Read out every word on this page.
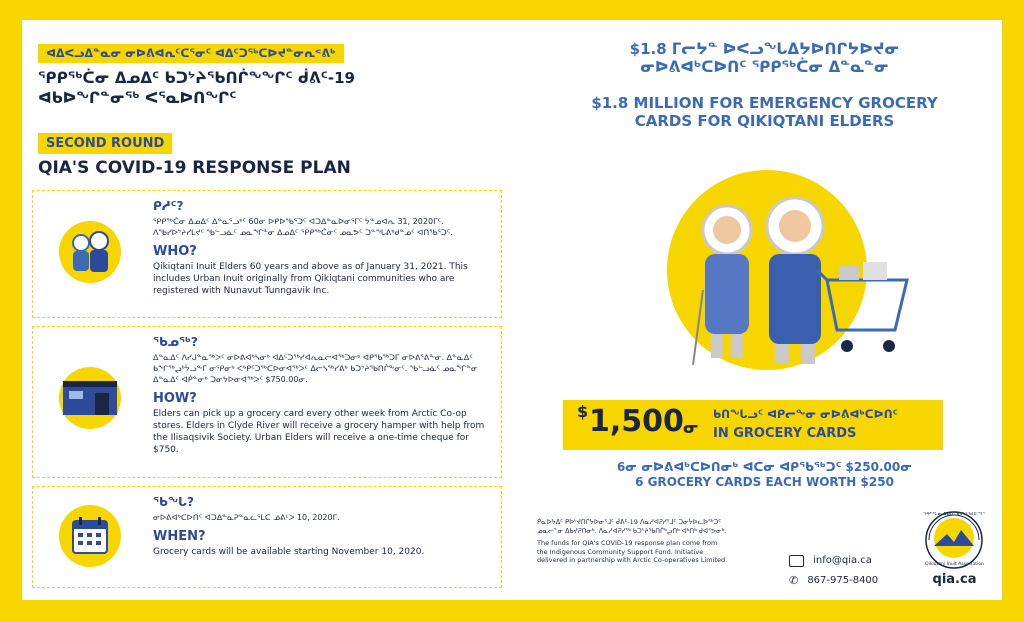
ᐊᐃᐸᓗᐃᓐᓇᓂ ᓂᐅᕕᐊᕆᑦᑕᕐᓂᑦ ᐊᐃᑦᑐᖅᑕᐅᔪᓐᓂᕆᕝᕕᒃ
ᕿᑭᖅᑖᓂ ᐃᓄᐃᑦ ᑲᑐᔾᔨᖃᑎᒌᖕᖏᑦ ᑰᕕᑦ-19
ᐊᑲᐅᖏᓐᓂᖅ ᐸᕐᓇᐅᑎᖏᑦ
SECOND ROUND
QIA'S COVID-19 RESPONSE PLAN

ᑭᓱᑦ?

ᕿᑭᖅᑖᓂ ᐃᓄᐃᑦ ᐃᓐᓇᕐᓗᒃᑦ 60ᓂ ᐅᑭᐅᖃᕐᑐᑦ ᐊᑐᐃᓐᓇᐅᓂᕐᒥᑦ ᔭᓐᓄᐊᕆ 31, 2020ᒥᑦ. ᐱᖃᓯᐅᔾᔨᓯᒪᔪᑦ ᖃᓪᓗᓈᑦ ᓄᓇᖏᓐᓂ ᐃᓄᐃᑦ ᕿᑭᖅᑖᓂᑦ ᓄᓇᕗᑦ ᑐᓐᖓᕕᒃᑯᓐᓄᑦ ᐊᑎᖃᕐᑐᑦ.

WHO?

Qikiqtani Inuit Elders 60 years and above as of January 31, 2021. This includes Urban Inuit originally from Qikiqtani communities who are registered with Nunavut Tunngavik Inc.

ᖃᓄᖅ?

ᐃᓐᓇᐃᑦ ᐱᓯᒍᓐᓇᖅᐳᑦ ᓂᐅᕕᐊᒃᓴᓂᒃ ᐊᐃᑦᑐᖅᓯᐊᕆᓇᓕᐊᖅᑐᓂᒃ ᐊᑭᖃᖅᑐᒥ ᓂᐅᕕᕐᕕᖕᓂ. ᐃᓐᓇᐃᑦ ᑲᖏᖅᖢᒃᔮᓗᖕᒥ ᓂᕿᓂᒃ ᐸᒃᑭᑦᑐᖅᑕᐅᓂᐊᖅᐳᑦ ᐃᓕᓴᖅᓯᕕᒃ ᑲᑐᔾᔨᖃᑎᒌᖕᓂᑦ. ᖃᓪᓗᓈᑦ ᓄᓇᖏᓐᓂ ᐃᓐᓇᐃᑦ ᐊᑮᓐᓂᒃ ᑐᓂᔭᐅᓂᐊᖅᐳᑦ $750.00ᓂ.

HOW?

Elders can pick up a grocery card every other week from Arctic Co-op stores. Elders in Clyde River will receive a grocery hamper with help from the Ilisaqsivik Society. Urban Elders will receive a one-time cheque for $750.

ᖃᖓ?

ᓂᐅᕕᐊᒃᑕᐅᑎᑦ ᐊᑐᐃᓐᓇᕈᓐᓇᓚᕐᒪᑕ ᓅᕕᒻᐳ 10, 2020ᒥ.

WHEN?

Grocery cards will be available starting November 10, 2020.

$1.8 ᒥᓕᔭᓐ ᐅᐸᓗᖓᐃᔭᐅᑎᒋᔭᐅᔪᓂ

ᓂᐅᕕᐊᒃᑕᐅᑎᑦ ᕿᑭᖅᑖᓂ ᐃᓐᓇᓐᓂ

$1.8 MILLION FOR EMERGENCY GROCERY

CARDS FOR QIKIQTANI ELDERS

$ 1,500 ᓂ
ᑲᑎᖓᓗᑦ ᐊᑭᓕᖕᓂ ᓂᐅᕕᐊᒃᑕᐅᑎᑦ
IN GROCERY CARDS

6ᓂ ᓂᐅᕕᐊᒃᑕᐅᑎᓂᒃ ᐊᑕᓂ ᐊᑭᖃᖅᑐᑦ $250.00ᓂ

6 GROCERY CARDS EACH WORTH $250

ᑮᓇᐅᔭᐃᑦ ᑭᐅᔾᔪᑎᒋᔭᐅᓂᕐᒧᑦ ᑰᕕᑦ-19 ᐱᓇᓱᐊᕈᓯᕐᒧᑦ ᑐᓂᔭᐅᓚᐅᖅᑐᑦ ᓄᓇᓕᓐᓂ ᐃᑲᔪᕈᑎᓂᒃ. ᐱᓇᓱᐊᕈᓯᖅ ᑲᑐᔾᔨᖃᑎᒌᒃᖢᑎᒃ ᐊᒃᑎᒃ ᑯᐊᑉᕗᓂᒃ.
The funds for QIA's COVID-19 response plan come from
the Indigenous Community Support Fund. Initiative
delivered in partnership with Arctic Co-operatives Limited.	info@qia.ca
✆ 867-975-8400
ᕿᑭᖅᑖᓂ ᐃᓄᐃᑦ ᑲᑐᔾᔨᖃᑎᒌᖏᑦ
Qikiqtani Inuit Association
qia.ca
